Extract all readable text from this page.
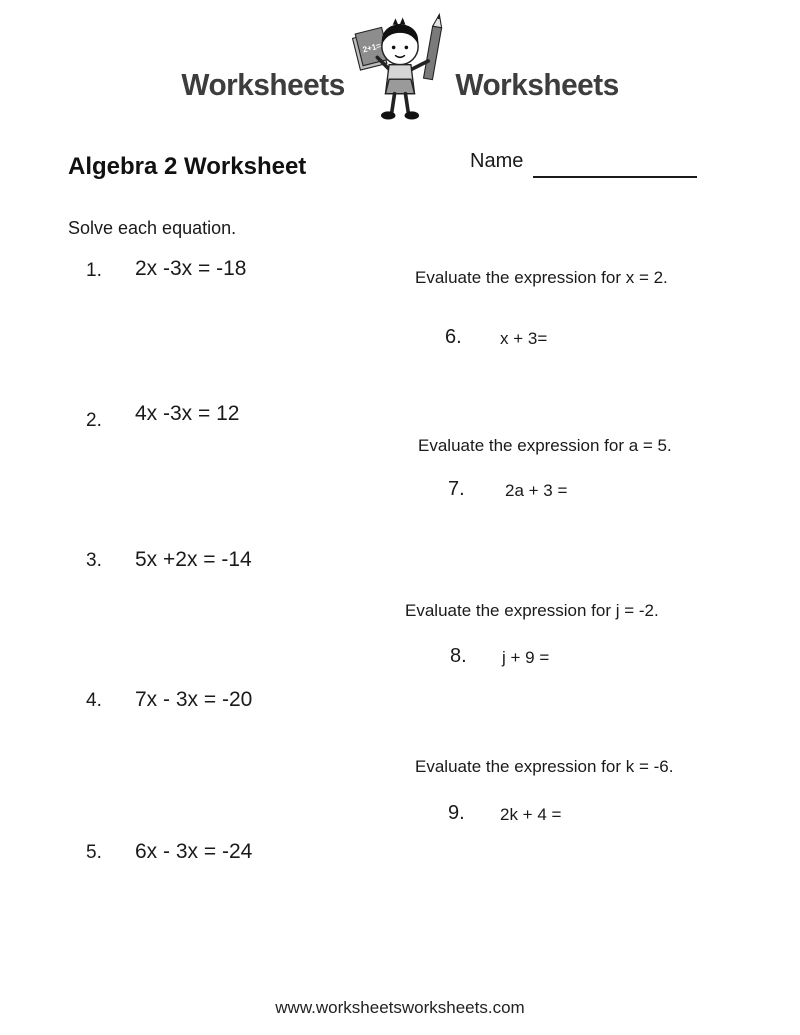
Worksheets
2+1=
Worksheets
Algebra 2 Worksheet	Name
Solve each equation.
1. 2x -3x = -18
2. 4x -3x = 12
3. 5x +2x = -14
4. 7x - 3x = -20
5. 6x - 3x = -24
Evaluate the expression for x = 2.
6. x + 3=
Evaluate the expression for a = 5.
7. 2a + 3 =
Evaluate the expression for j = -2.
8. j + 9 =
Evaluate the expression for k = -6.
9. 2k + 4 =
www.worksheetsworksheets.com
